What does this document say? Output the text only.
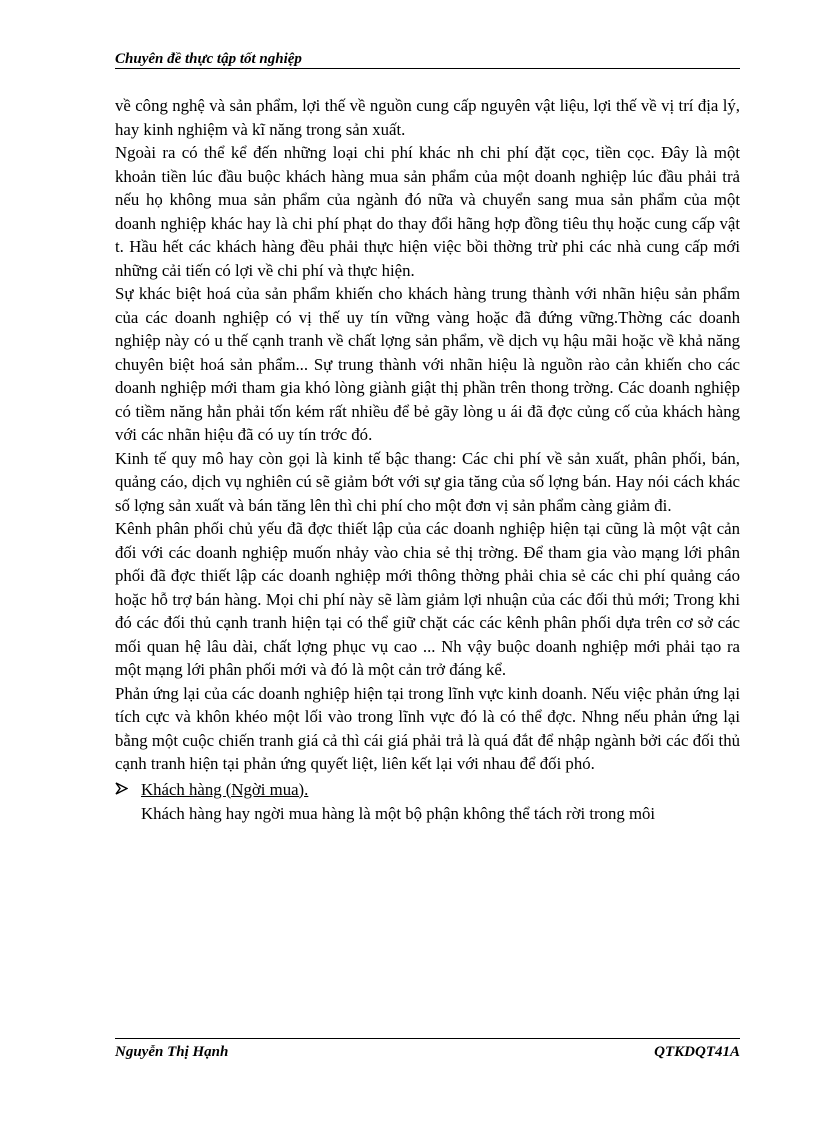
Chuyên đề thực tập tốt nghiệp

về công nghệ và sản phẩm, lợi thế về nguồn cung cấp nguyên vật liệu, lợi thế về vị trí địa lý, hay kinh nghiệm và kĩ năng trong sản xuất.

Ngoài ra có thể kể đến những loại chi phí khác nh chi phí đặt cọc, tiền cọc. Đây là một khoản tiền lúc đầu buộc khách hàng mua sản phẩm của một doanh nghiệp lúc đầu phải trả nếu họ không mua sản phẩm của ngành đó nữa và chuyển sang mua sản phẩm của một doanh nghiệp khác hay là chi phí phạt do thay đổi hãng hợp đồng tiêu thụ hoặc cung cấp vật t. Hầu hết các khách hàng đều phải thực hiện việc bồi thờng trừ phi các nhà cung cấp mới những cải tiến có lợi về chi phí và thực hiện.

Sự khác biệt hoá của sản phẩm khiến cho khách hàng trung thành với nhãn hiệu sản phẩm của các doanh nghiệp có vị thế uy tín vững vàng hoặc đã đứng vững.Thờng các doanh nghiệp này có u thế cạnh tranh về chất lợng sản phẩm, về dịch vụ hậu mãi hoặc về khả năng chuyên biệt hoá sản phẩm... Sự trung thành với nhãn hiệu là nguồn rào cản khiến cho các doanh nghiệp mới tham gia khó lòng giành giật thị phần trên thong trờng. Các doanh nghiệp có tiềm năng hẳn phải tốn kém rất nhiều để bẻ gãy lòng u ái đã đợc củng cố của khách hàng với các nhãn hiệu đã có uy tín trớc đó.

Kinh tế quy mô hay còn gọi là kinh tế bậc thang: Các chi phí về sản xuất, phân phối, bán, quảng cáo, dịch vụ nghiên cú sẽ giảm bớt với sự gia tăng của số lợng bán. Hay nói cách khác số lợng sản xuất và bán tăng lên thì chi phí cho một đơn vị sản phẩm càng giảm đi.

Kênh phân phối chủ yếu đã đợc thiết lập của các doanh nghiệp hiện tại cũng là một vật cản đối với các doanh nghiệp muốn nhảy vào chia sẻ thị trờng. Để tham gia vào mạng lới phân phối đã đợc thiết lập các doanh nghiệp mới thông thờng phải chia sẻ các chi phí quảng cáo hoặc hỗ trợ bán hàng. Mọi chi phí này sẽ làm giảm lợi nhuận của các đối thủ mới; Trong khi đó các đối thủ cạnh tranh hiện tại có thể giữ chặt các các kênh phân phối dựa trên cơ sở các mối quan hệ lâu dài, chất lợng phục vụ cao ... Nh vậy buộc doanh nghiệp mới phải tạo ra một mạng lới phân phối mới và đó là một cản trở đáng kể.

Phản ứng lại của các doanh nghiệp hiện tại trong lĩnh vực kinh doanh. Nếu việc phản ứng lại tích cực và khôn khéo một lối vào trong lĩnh vực đó là có thể đợc. Nhng nếu phản ứng lại bằng một cuộc chiến tranh giá cả thì cái giá phải trả là quá đắt để nhập ngành bởi các đối thủ cạnh tranh hiện tại phản ứng quyết liệt, liên kết lại với nhau để đối phó.

Khách hàng (Ngời mua).

Khách hàng hay ngời mua hàng là một bộ phận không thể tách rời trong môi

Nguyễn Thị Hạnh	QTKDQT41A
